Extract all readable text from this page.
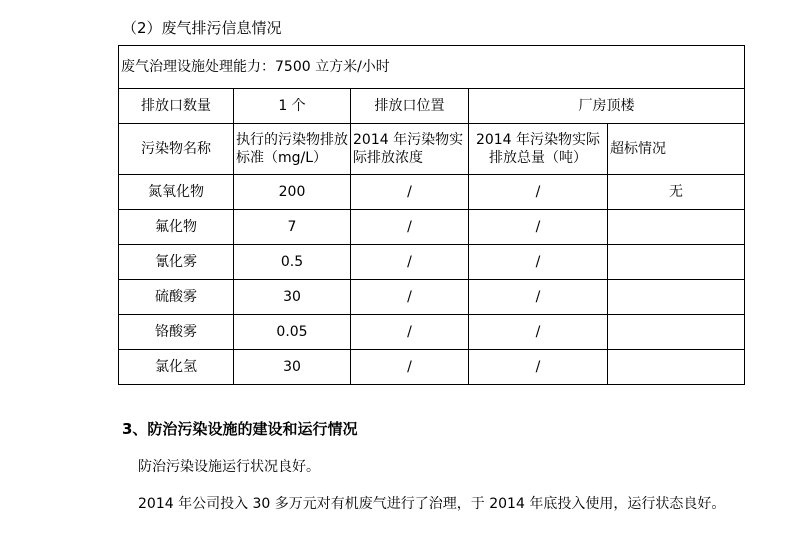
（2）废气排污信息情况
废气治理设施处理能力：7500 立方米/小时				
排放口数量	1 个	排放口位置	厂房顶楼	
污染物名称	执行的污染物排放标准（mg/L）	2014 年污染物实际排放浓度	2014 年污染物实际排放总量（吨）	超标情况
氮氧化物	200	/	/	无
氟化物	7	/	/	
氰化雾	0.5	/	/	
硫酸雾	30	/	/	
铬酸雾	0.05	/	/	
氯化氢	30	/	/	
3、防治污染设施的建设和运行情况
防治污染设施运行状况良好。
2014 年公司投入 30 多万元对有机废气进行了治理，于 2014 年底投入使用，运行状态良好。
